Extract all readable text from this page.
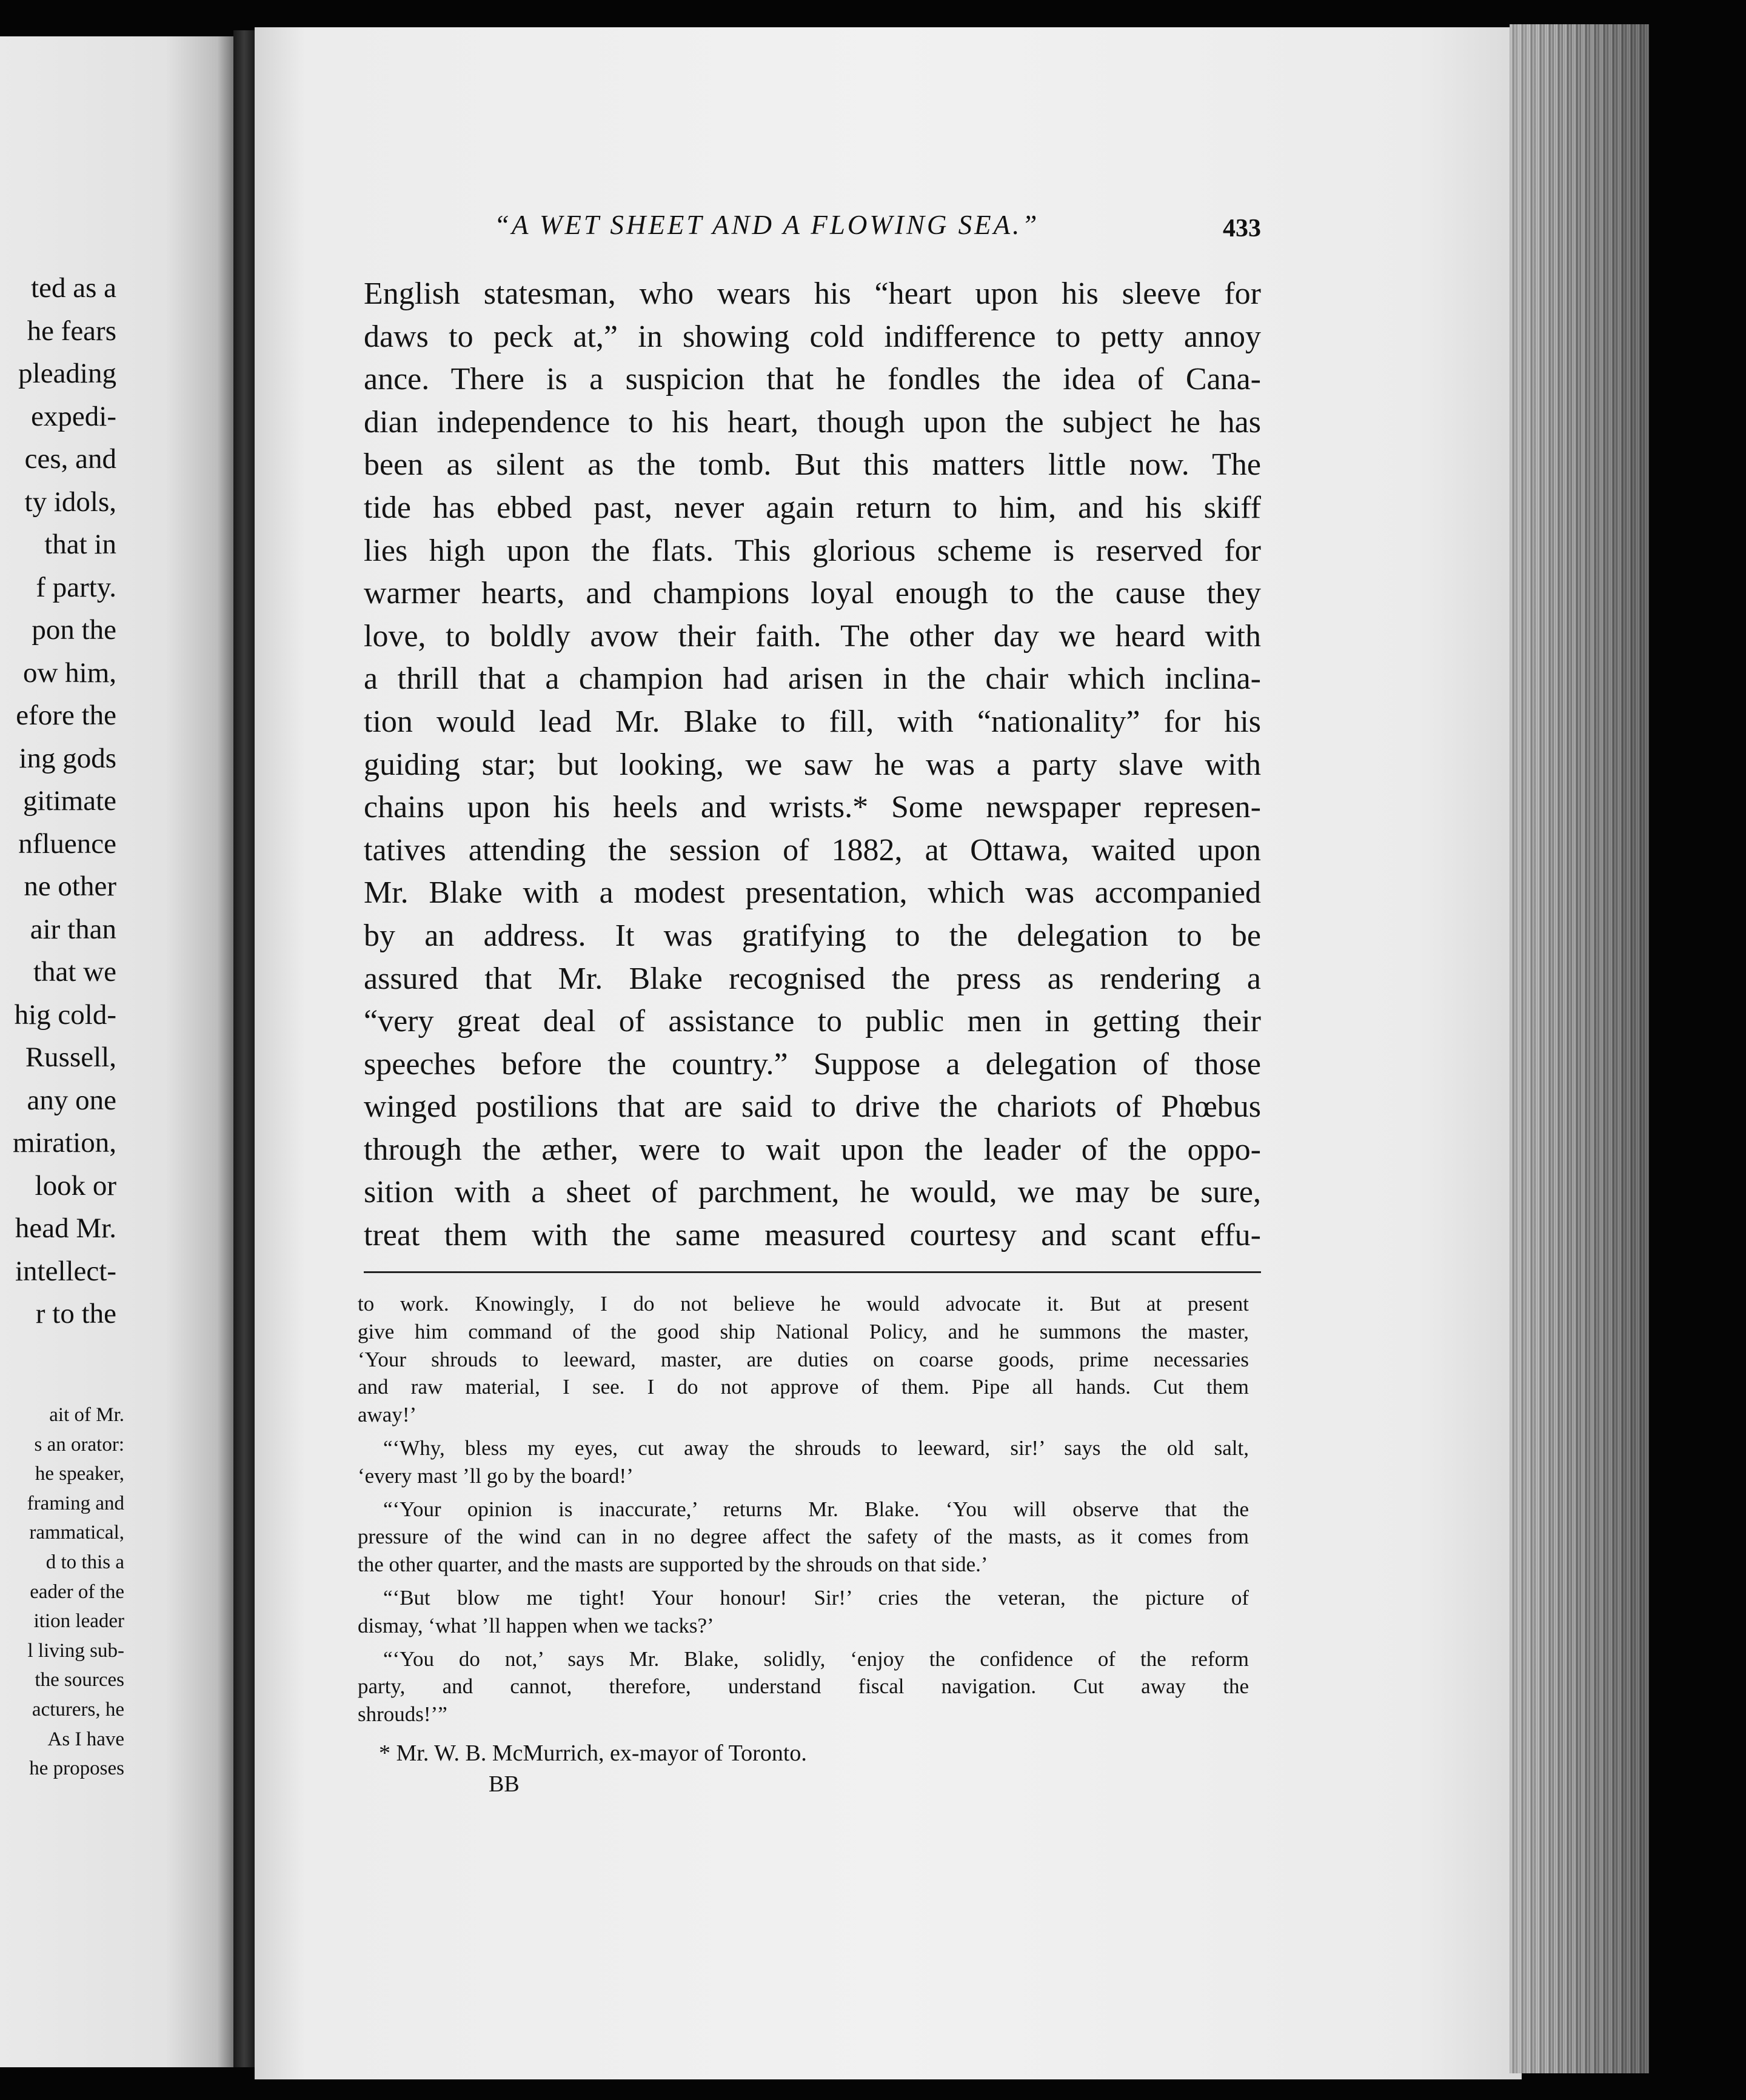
ted as a
he fears
pleading
expedi-
ces, and
ty idols,
that in
f party.
pon the
ow him,
efore the
ing gods
gitimate
nfluence
ne other
air than
that we
hig cold-
Russell,
any one
miration,
look or
head Mr.
intellect-
r to the
ait of Mr.
s an orator:
he speaker,
framing and
rammatical,
d to this a
eader of the
ition leader
l living sub-
the sources
acturers, he
As I have
he proposes
“A WET SHEET AND A FLOWING SEA.”	433
English statesman, who wears his “heart upon his sleeve for
daws to peck at,” in showing cold indifference to petty annoy
ance. There is a suspicion that he fondles the idea of Cana-
dian independence to his heart, though upon the subject he has
been as silent as the tomb. But this matters little now. The
tide has ebbed past, never again return to him, and his skiff
lies high upon the flats. This glorious scheme is reserved for
warmer hearts, and champions loyal enough to the cause they
love, to boldly avow their faith. The other day we heard with
a thrill that a champion had arisen in the chair which inclina-
tion would lead Mr. Blake to fill, with “nationality” for his
guiding star; but looking, we saw he was a party slave with
chains upon his heels and wrists.* Some newspaper represen-
tatives attending the session of 1882, at Ottawa, waited upon
Mr. Blake with a modest presentation, which was accompanied
by an address. It was gratifying to the delegation to be
assured that Mr. Blake recognised the press as rendering a
“very great deal of assistance to public men in getting their
speeches before the country.” Suppose a delegation of those
winged postilions that are said to drive the chariots of Phœbus
through the æther, were to wait upon the leader of the oppo-
sition with a sheet of parchment, he would, we may be sure,
treat them with the same measured courtesy and scant effu-
to work. Knowingly, I do not believe he would advocate it. But at present
give him command of the good ship National Policy, and he summons the master,
‘Your shrouds to leeward, master, are duties on coarse goods, prime necessaries
and raw material, I see. I do not approve of them. Pipe all hands. Cut them
away!’
“‘Why, bless my eyes, cut away the shrouds to leeward, sir!’ says the old salt,
‘every mast ’ll go by the board!’
“‘Your opinion is inaccurate,’ returns Mr. Blake. ‘You will observe that the
pressure of the wind can in no degree affect the safety of the masts, as it comes from
the other quarter, and the masts are supported by the shrouds on that side.’
“‘But blow me tight! Your honour! Sir!’ cries the veteran, the picture of
dismay, ‘what ’ll happen when we tacks?’
“‘You do not,’ says Mr. Blake, solidly, ‘enjoy the confidence of the reform
party, and cannot, therefore, understand fiscal navigation. Cut away the
shrouds!’”
* Mr. W. B. McMurrich, ex-mayor of Toronto.
BB
